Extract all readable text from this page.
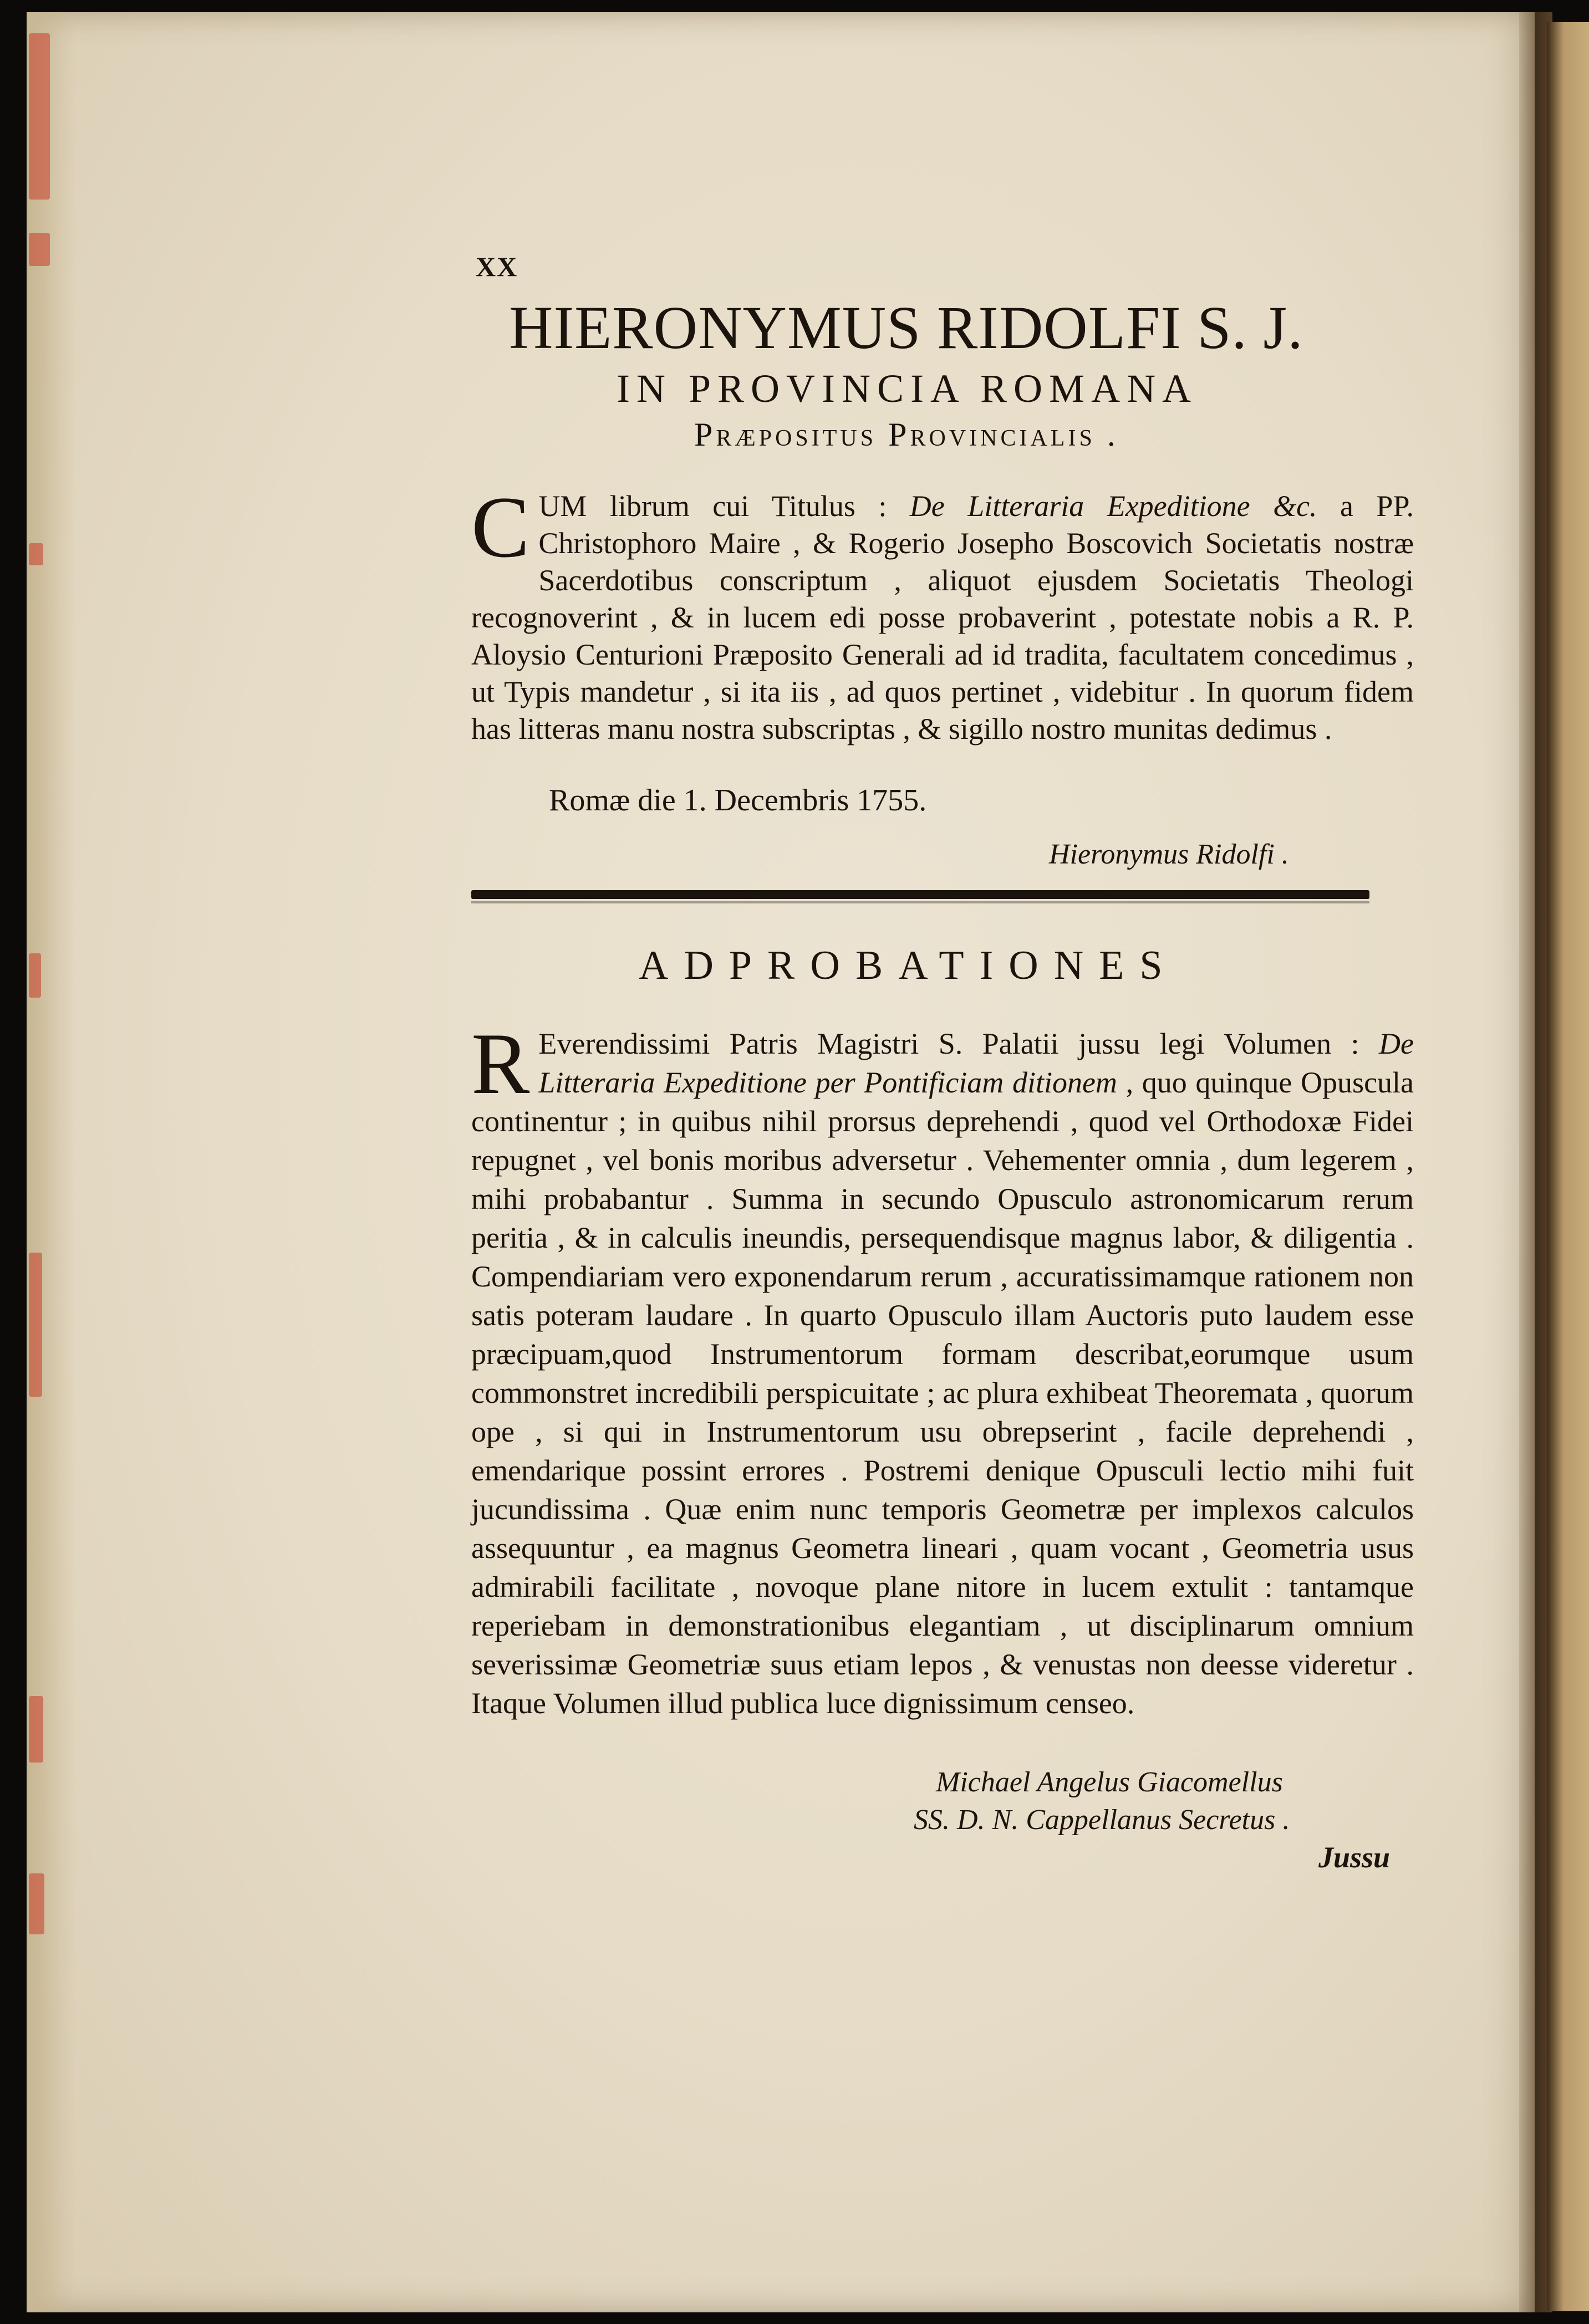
XX
HIERONYMUS RIDOLFI S. J.
IN PROVINCIA ROMANA
Præpositus Provincialis .
CUM librum cui Titulus : De Litteraria Expeditione &c. a PP. Christophoro Maire , & Rogerio Josepho Boscovich Societatis nostræ Sacerdotibus conscriptum , aliquot ejusdem Societatis Theologi recognoverint , & in lucem edi posse probaverint , potestate nobis a R. P. Aloysio Centurioni Præposito Generali ad id tradita, facultatem concedimus , ut Typis mandetur , si ita iis , ad quos pertinet , videbitur . In quorum fidem has litteras manu nostra subscriptas , & sigillo nostro munitas dedimus .
Romæ die 1. Decembris 1755.
Hieronymus Ridolfi .
ADPROBATIONES
R Everendissimi Patris Magistri S. Palatii jussu legi Volumen : De Litteraria Expeditione per Pontificiam ditionem , quo quinque Opuscula continentur ; in quibus nihil prorsus deprehendi , quod vel Orthodoxæ Fidei repugnet , vel bonis moribus adversetur . Vehementer omnia , dum legerem , mihi probabantur . Summa in secundo Opusculo astronomicarum rerum peritia , & in calculis ineundis, persequendisque magnus labor, & diligentia . Compendiariam vero exponendarum rerum , accuratissimamque rationem non satis poteram laudare . In quarto Opusculo illam Auctoris puto laudem esse præcipuam,quod Instrumentorum formam describat,eorumque usum commonstret incredibili perspicuitate ; ac plura exhibeat Theoremata , quorum ope , si qui in Instrumentorum usu obrepserint , facile deprehendi , emendarique possint errores . Postremi denique Opusculi lectio mihi fuit jucundissima . Quæ enim nunc temporis Geometræ per implexos calculos assequuntur , ea magnus Geometra lineari , quam vocant , Geometria usus admirabili facilitate , novoque plane nitore in lucem extulit : tantamque reperiebam in demonstrationibus elegantiam , ut disciplinarum omnium severissimæ Geometriæ suus etiam lepos , & venustas non deesse videretur . Itaque Volumen illud publica luce dignissimum censeo.
Michael Angelus Giacomellus
SS. D. N. Cappellanus Secretus .
Jussu
